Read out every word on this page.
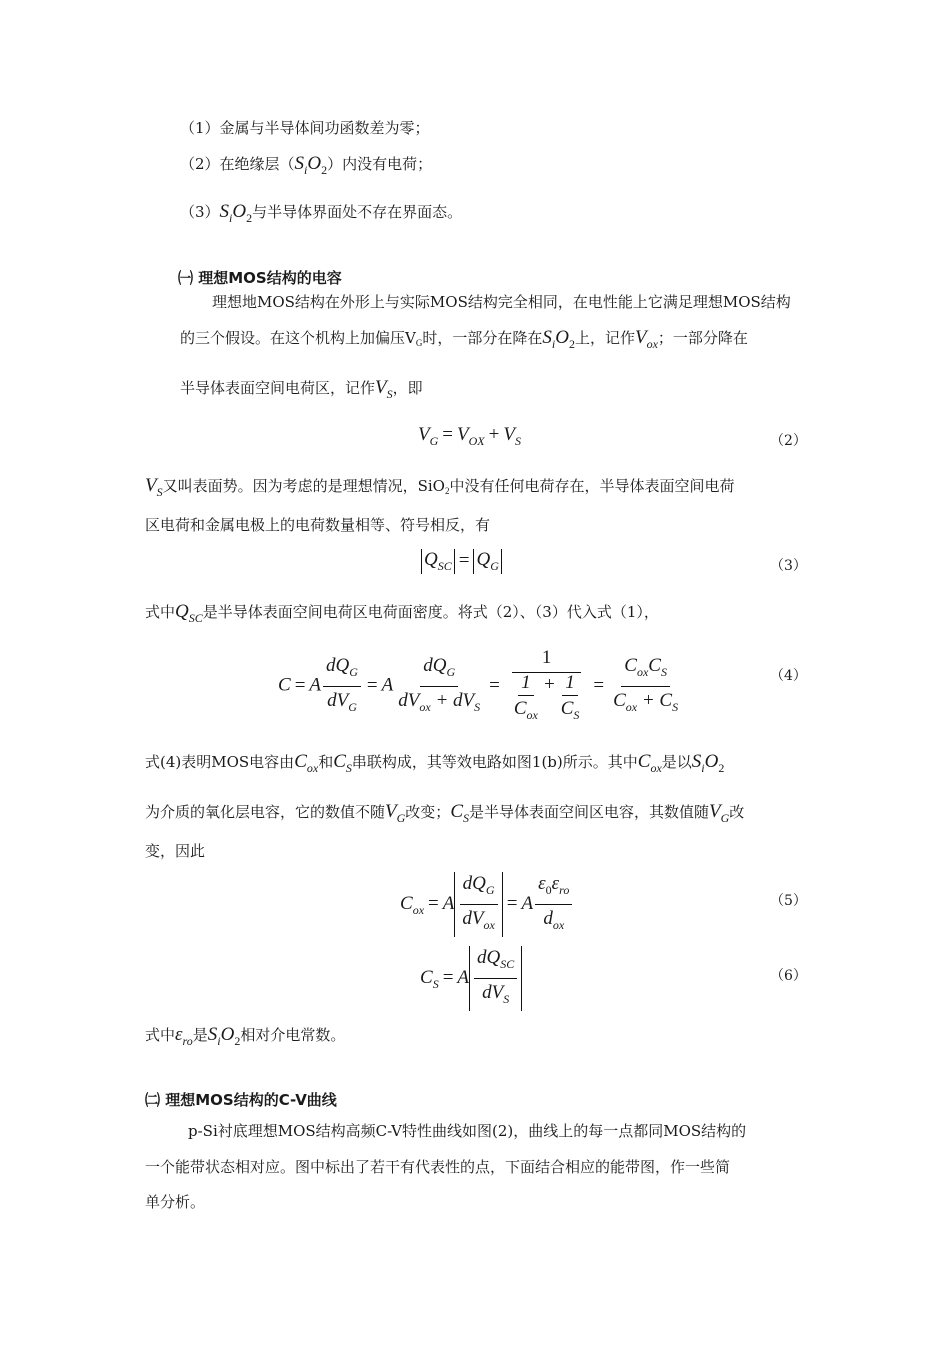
（1）金属与半导体间功函数差为零；
（2）在绝缘层$(S_iO_2)$内没有电荷；
$(3)S_iO_2$与半导体界面处不存在界面态。
㈠ 理想MOS结构的电容
理想地MOS结构在外形上与实际MOS结构完全相同，在电性能上它满足理想MOS结构
的三个假设。在这个机构上加偏压$V_G$时，一部分在降在$S_iO_2$上，记作$V_{ox}$；一部分降在
半导体表面空间电荷区，记作$V_S$，即
$V_G = V_{OX} + V_S$	（2）
$V_S$又叫表面势。因为考虑的是理想情况，SiO$_2$中没有任何电荷存在，半导体表面空间电荷
区电荷和金属电极上的电荷数量相等、符号相反，有
$Q_{SC} = Q_G$	（3）
式中$Q_{SC}$是半导体表面空间电荷区电荷面密度。将式（2）、（3）代入式（1），
C = A $\frac{dQ_G}{dV_G} = A \frac{dQ_G}{dV_{ox} + dV_S} = \frac{1}{\frac{1}{C_{ox}} + \frac{1}{C_S}} = \frac{C_{ox}C_S}{C_{ox} + C_S}$	（4）
式(4)表明MOS电容由$C_{ox}$和$C_S$串联构成，其等效电路如图1(b)所示。其中$C_{ox}$是以$S_iO_2$
为介质的氧化层电容，它的数值不随$V_G$改变；$C_S$是半导体表面空间区电容，其数值随$V_G$改
变，因此
$C_{ox} = A \frac{dQ_G}{dV_{ox}} = A \frac{\varepsilon_0\varepsilon_{ro}}{d_{ox}}$	（5）
$C_S = A \frac{dQ_{SC}}{dV_S}$	（6）
式中$\varepsilon_{ro}$是$S_iO_2$相对介电常数。
㈡ 理想MOS结构的C-V曲线
p-Si衬底理想MOS结构高频C-V特性曲线如图(2)，曲线上的每一点都同MOS结构的
一个能带状态相对应。图中标出了若干有代表性的点，下面结合相应的能带图，作一些简
单分析。
